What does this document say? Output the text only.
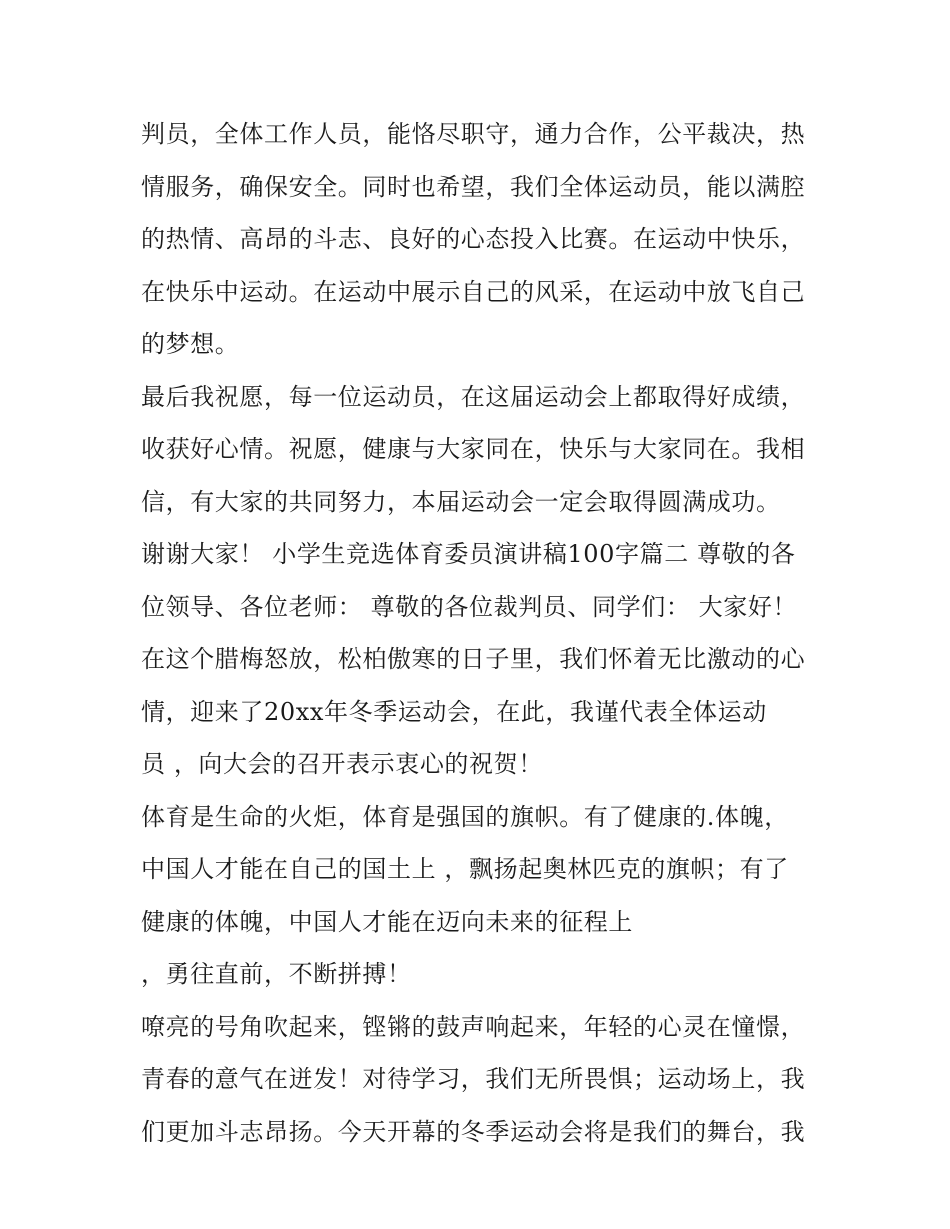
判员，全体工作人员，能恪尽职守，通力合作，公平裁决，热
情服务，确保安全。同时也希望，我们全体运动员，能以满腔
的热情、高昂的斗志、良好的心态投入比赛。在运动中快乐，
在快乐中运动。在运动中展示自己的风采，在运动中放飞自己
的梦想。
最后我祝愿，每一位运动员，在这届运动会上都取得好成绩，
收获好心情。祝愿，健康与大家同在，快乐与大家同在。我相
信，有大家的共同努力，本届运动会一定会取得圆满成功。
谢谢大家！ 小学生竞选体育委员演讲稿100字篇二 尊敬的各
位领导、各位老师： 尊敬的各位裁判员、同学们： 大家好！
在这个腊梅怒放，松柏傲寒的日子里，我们怀着无比激动的心
情，迎来了20xx年冬季运动会，在此，我谨代表全体运动
员 ，向大会的召开表示衷心的祝贺！
体育是生命的火炬，体育是强国的旗帜。有了健康的.体魄，
中国人才能在自己的国土上 ，飘扬起奥林匹克的旗帜；有了
健康的体魄，中国人才能在迈向未来的征程上
，勇往直前，不断拼搏！
嘹亮的号角吹起来，铿锵的鼓声响起来，年轻的心灵在憧憬，
青春的意气在迸发！对待学习，我们无所畏惧；运动场上，我
们更加斗志昂扬。今天开幕的冬季运动会将是我们的舞台，我
